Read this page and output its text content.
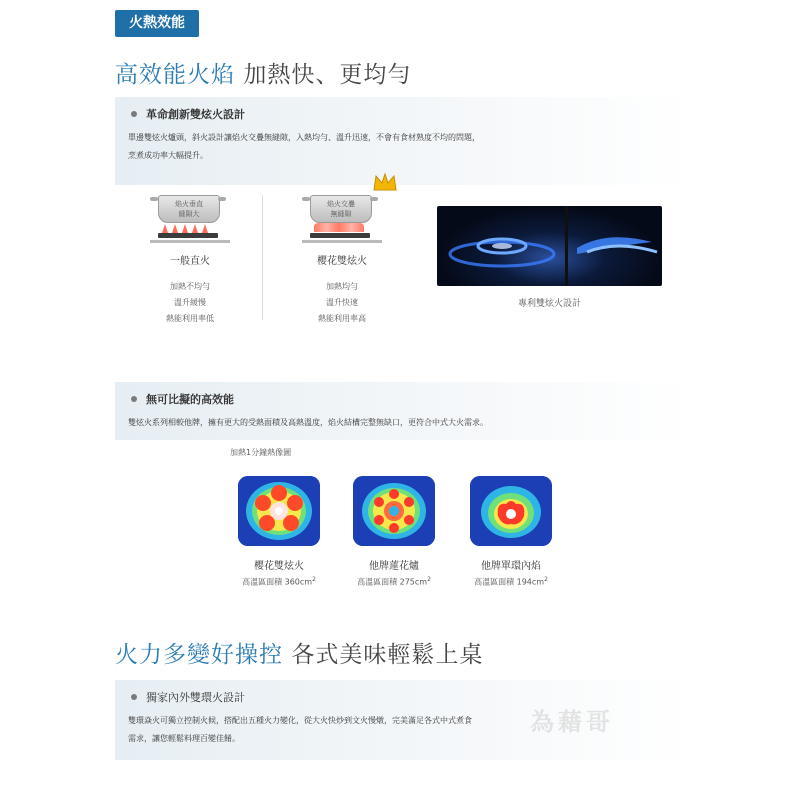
火熱效能
高效能火焰 加熱快、更均勻
革命創新雙炫火設計
單邊雙炫火爐頭，斜火設計讓焰火交疊無縫隙，入熱均勻、溫升迅速，不會有食材熟度不均的問題，
烹煮成功率大幅提升。
焰火垂直
縫隙大
一般直火
加熱不均勻
溫升緩慢
熱能利用率低
焰火交疊
無縫隙
櫻花雙炫火
加熱均勻
溫升快速
熱能利用率高
專利雙炫火設計
無可比擬的高效能
雙炫火系列相較他牌，擁有更大的受熱面積及高熱溫度，焰火結構完整無缺口，更符合中式大火需求。
加熱1分鐘熱像圖
櫻花雙炫火
高溫區面積 $360cm^2$
他牌蓮花爐
高溫區面積 $275cm^2$
他牌單環內焰
高溫區面積 $194cm^2$
火力多變好操控 各式美味輕鬆上桌
獨家內外雙環火設計
雙環焱火可獨立控制火候，搭配出五種火力變化，從大火快炒到文火慢燉，完美滿足各式中式煮食
需求，讓您輕鬆料理百變佳餚。
為藉哥
